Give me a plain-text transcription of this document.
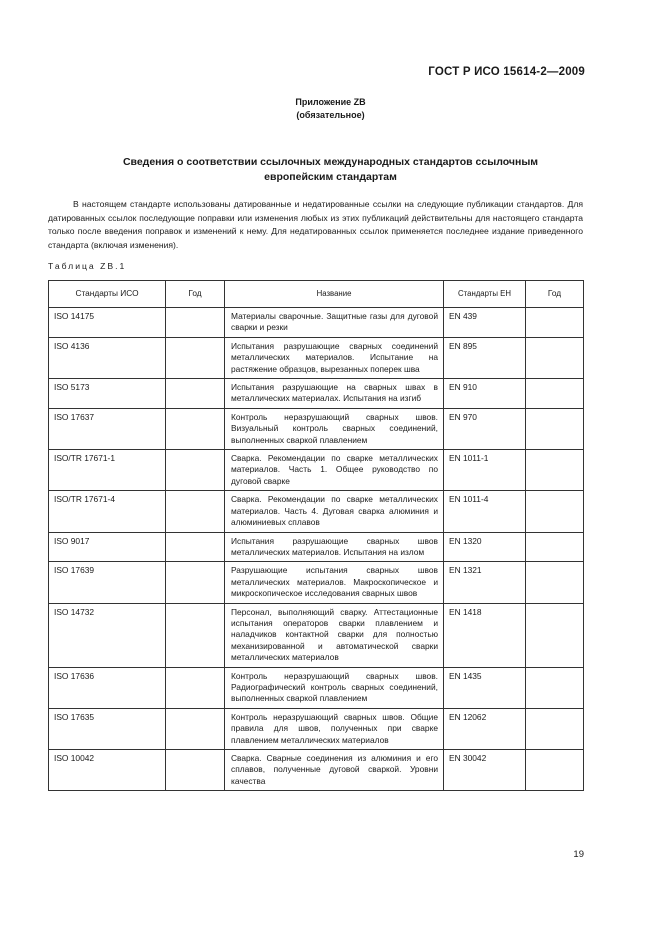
ГОСТ Р ИСО 15614-2—2009
Приложение ZB
(обязательное)
Сведения о соответствии ссылочных международных стандартов ссылочным
европейским стандартам

В настоящем стандарте использованы датированные и недатированные ссылки на следующие публикации стандартов. Для датированных ссылок последующие поправки или изменения любых из этих публикаций действительны для настоящего стандарта только после введения поправок и изменений к нему. Для недатированных ссылок применяется последнее издание приведенного стандарта (включая изменения).

Таблица ZB.1
Стандарты ИСО	Год	Название	Стандарты EH	Год
ISO 14175		Материалы сварочные. Защитные газы для дуговой сварки и резки	EN 439	
ISO 4136		Испытания разрушающие сварных соединений металлических материалов. Испытание на растяжение образцов, вырезанных поперек шва	EN 895	
ISO 5173		Испытания разрушающие на сварных швах в металлических материалах. Испытания на изгиб	EN 910	
ISO 17637		Контроль неразрушающий сварных швов. Визуальный контроль сварных соединений, выполненных сваркой плавлением	EN 970	
ISO/TR 17671-1		Сварка. Рекомендации по сварке металлических материалов. Часть 1. Общее руководство по дуговой сварке	EN 1011-1	
ISO/TR 17671-4		Сварка. Рекомендации по сварке металлических материалов. Часть 4. Дуговая сварка алюминия и алюминиевых сплавов	EN 1011-4	
ISO 9017		Испытания разрушающие сварных швов металлических материалов. Испытания на излом	EN 1320	
ISO 17639		Разрушающие испытания сварных швов металлических материалов. Макроскопическое и микроскопическое исследования сварных швов	EN 1321	
ISO 14732		Персонал, выполняющий сварку. Аттестационные испытания операторов сварки плавлением и наладчиков контактной сварки для полностью механизированной и автоматической сварки металлических материалов	EN 1418	
ISO 17636		Контроль неразрушающий сварных швов. Радиографический контроль сварных соединений, выполненных сваркой плавлением	EN 1435	
ISO 17635		Контроль неразрушающий сварных швов. Общие правила для швов, полученных при сварке плавлением металлических материалов	EN 12062	
ISO 10042		Сварка. Сварные соединения из алюминия и его сплавов, полученные дуговой сваркой. Уровни качества	EN 30042	
19
